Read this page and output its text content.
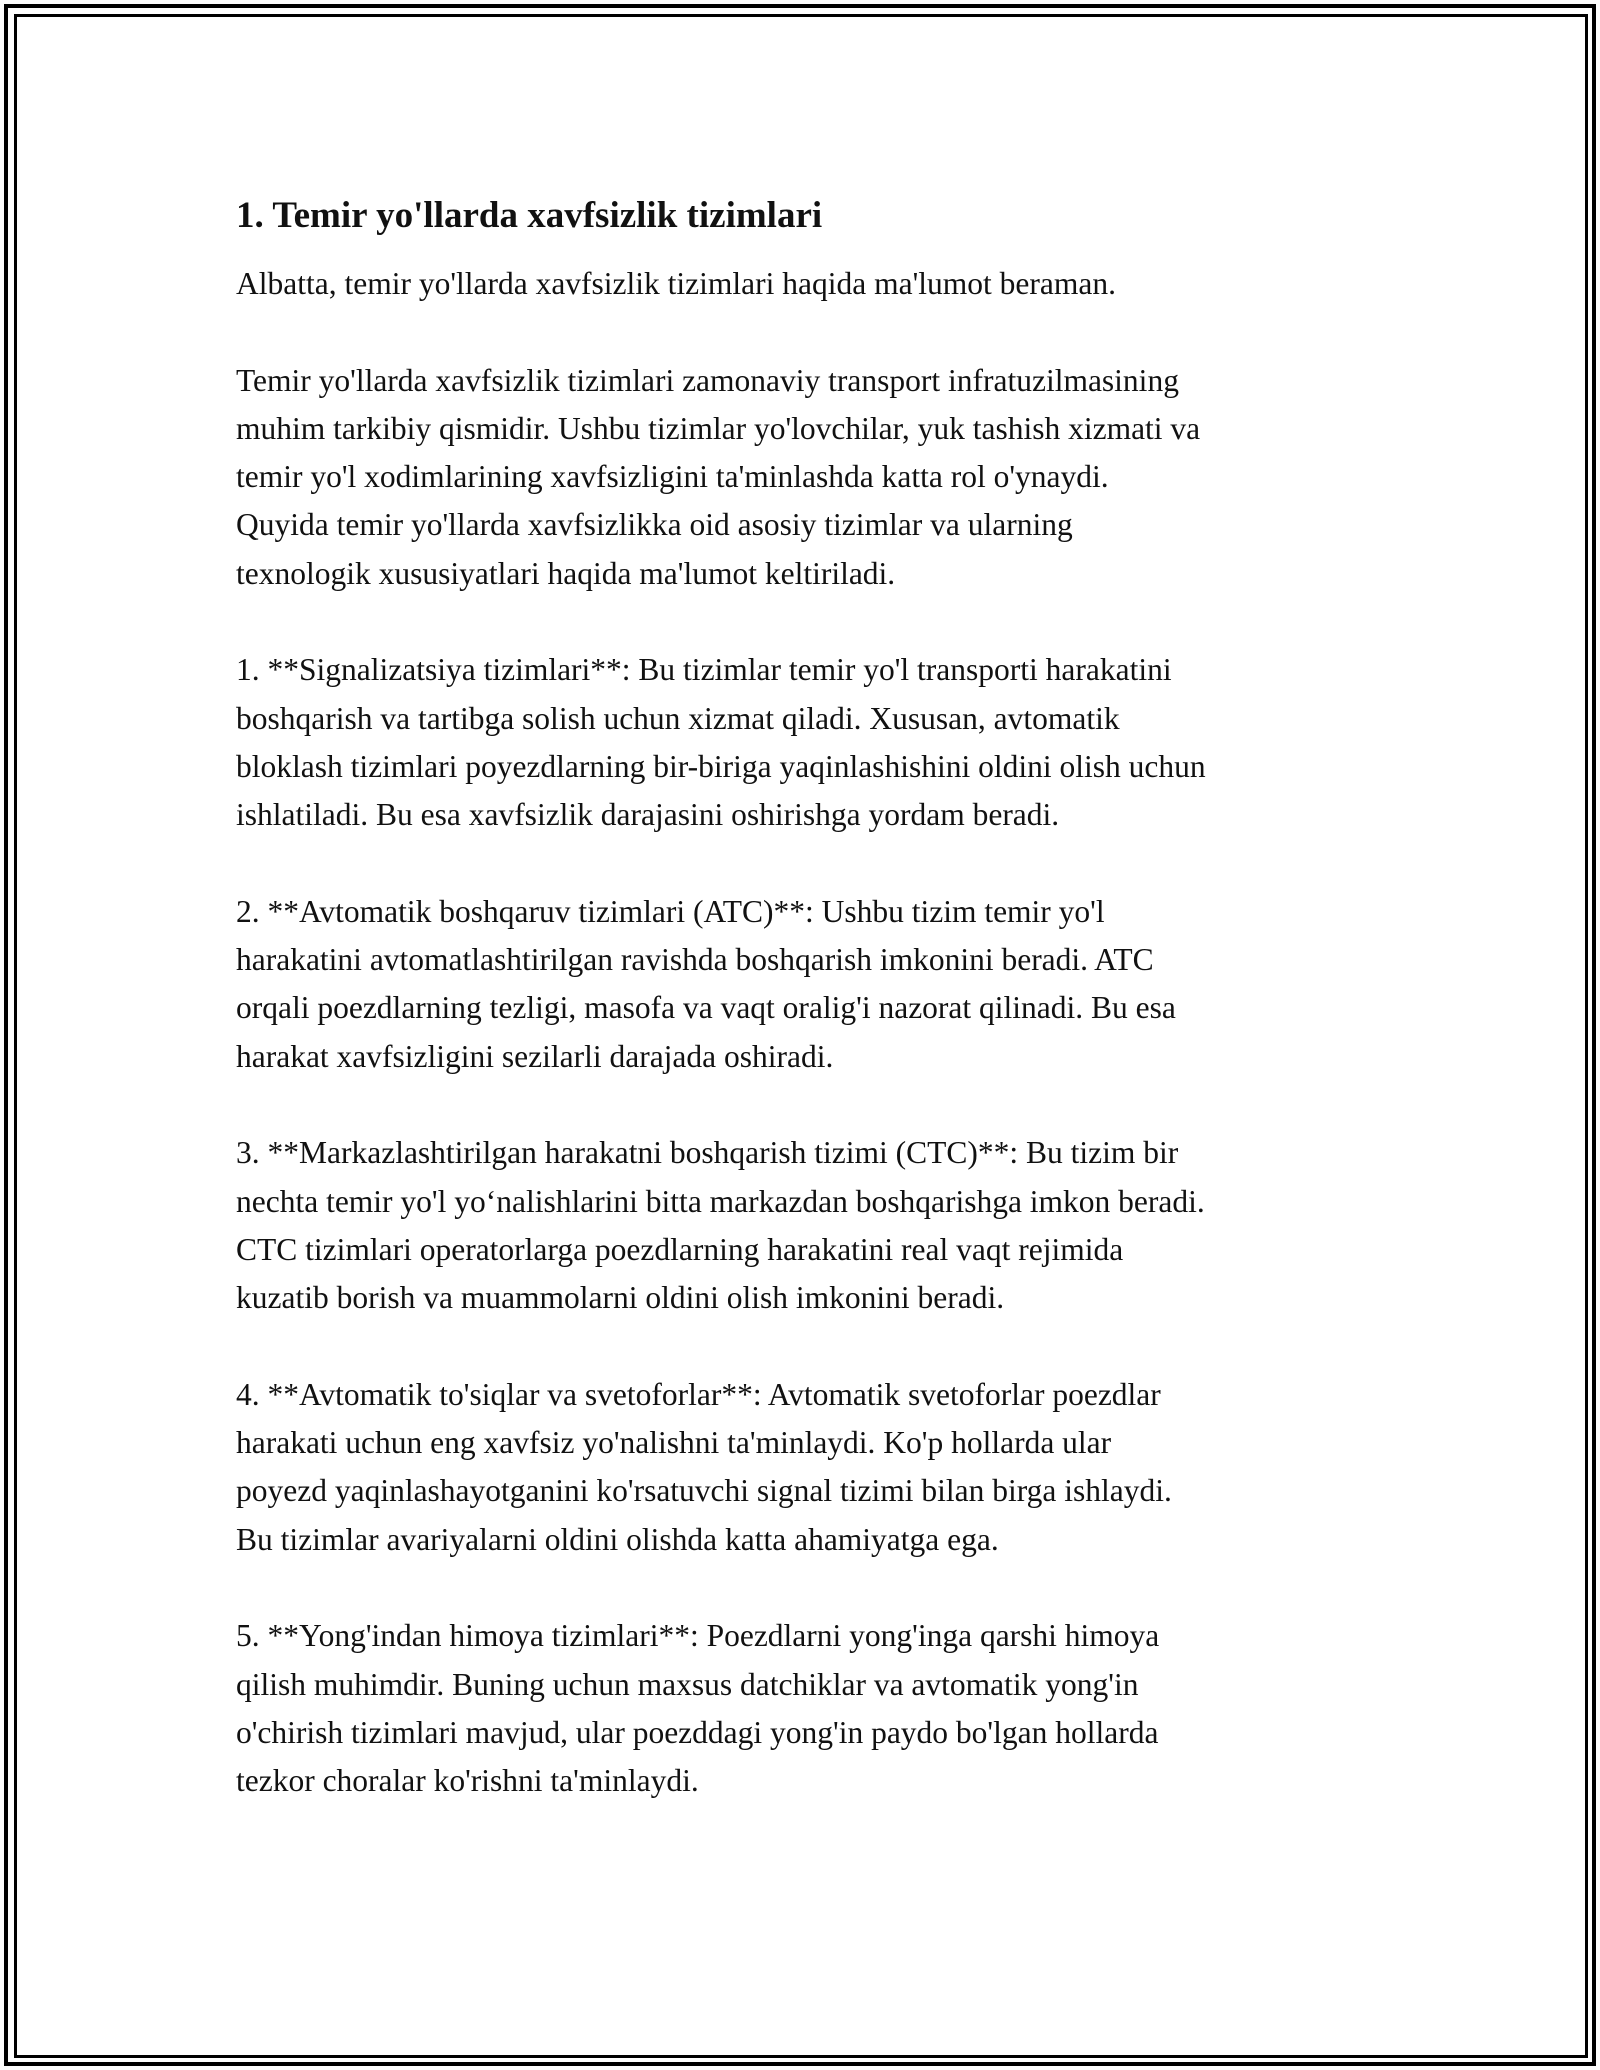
1. Temir yo'llarda xavfsizlik tizimlari

Albatta, temir yo'llarda xavfsizlik tizimlari haqida ma'lumot beraman.

Temir yo'llarda xavfsizlik tizimlari zamonaviy transport infratuzilmasining
muhim tarkibiy qismidir. Ushbu tizimlar yo'lovchilar, yuk tashish xizmati va
temir yo'l xodimlarining xavfsizligini ta'minlashda katta rol o'ynaydi.
Quyida temir yo'llarda xavfsizlikka oid asosiy tizimlar va ularning
texnologik xususiyatlari haqida ma'lumot keltiriladi.

1. **Signalizatsiya tizimlari**: Bu tizimlar temir yo'l transporti harakatini
boshqarish va tartibga solish uchun xizmat qiladi. Xususan, avtomatik
bloklash tizimlari poyezdlarning bir-biriga yaqinlashishini oldini olish uchun
ishlatiladi. Bu esa xavfsizlik darajasini oshirishga yordam beradi.

2. **Avtomatik boshqaruv tizimlari (ATC)**: Ushbu tizim temir yo'l
harakatini avtomatlashtirilgan ravishda boshqarish imkonini beradi. ATC
orqali poezdlarning tezligi, masofa va vaqt oralig'i nazorat qilinadi. Bu esa
harakat xavfsizligini sezilarli darajada oshiradi.

3. **Markazlashtirilgan harakatni boshqarish tizimi (CTC)**: Bu tizim bir
nechta temir yo'l yo‘nalishlarini bitta markazdan boshqarishga imkon beradi.
CTC tizimlari operatorlarga poezdlarning harakatini real vaqt rejimida
kuzatib borish va muammolarni oldini olish imkonini beradi.

4. **Avtomatik to'siqlar va svetoforlar**: Avtomatik svetoforlar poezdlar
harakati uchun eng xavfsiz yo'nalishni ta'minlaydi. Ko'p hollarda ular
poyezd yaqinlashayotganini ko'rsatuvchi signal tizimi bilan birga ishlaydi.
Bu tizimlar avariyalarni oldini olishda katta ahamiyatga ega.

5. **Yong'indan himoya tizimlari**: Poezdlarni yong'inga qarshi himoya
qilish muhimdir. Buning uchun maxsus datchiklar va avtomatik yong'in
o'chirish tizimlari mavjud, ular poezddagi yong'in paydo bo'lgan hollarda
tezkor choralar ko'rishni ta'minlaydi.
